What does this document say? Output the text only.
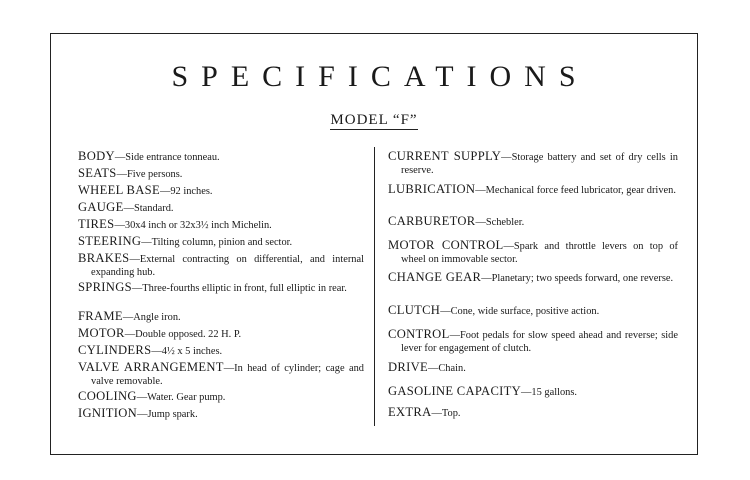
SPECIFICATIONS
MODEL “F”
BODY—Side entrance tonneau.
SEATS—Five persons.
WHEEL BASE—92 inches.
GAUGE—Standard.
TIRES—30x4 inch or 32x3½ inch Michelin.
STEERING—Tilting column, pinion and sector.
BRAKES—External contracting on differential, and internal expanding hub.
SPRINGS—Three-fourths elliptic in front, full elliptic in rear.
FRAME—Angle iron.
MOTOR—Double opposed. 22 H. P.
CYLINDERS—4½ x 5 inches.
VALVE ARRANGEMENT—In head of cylinder; cage and valve removable.
COOLING—Water. Gear pump.
IGNITION—Jump spark.
CURRENT SUPPLY—Storage battery and set of dry cells in reserve.
LUBRICATION—Mechanical force feed lubricator, gear driven.
CARBURETOR—Schebler.
MOTOR CONTROL—Spark and throttle levers on top of wheel on immovable sector.
CHANGE GEAR—Planetary; two speeds forward, one reverse.
CLUTCH—Cone, wide surface, positive action.
CONTROL—Foot pedals for slow speed ahead and reverse; side lever for engagement of clutch.
DRIVE—Chain.
GASOLINE CAPACITY—15 gallons.
EXTRA—Top.
